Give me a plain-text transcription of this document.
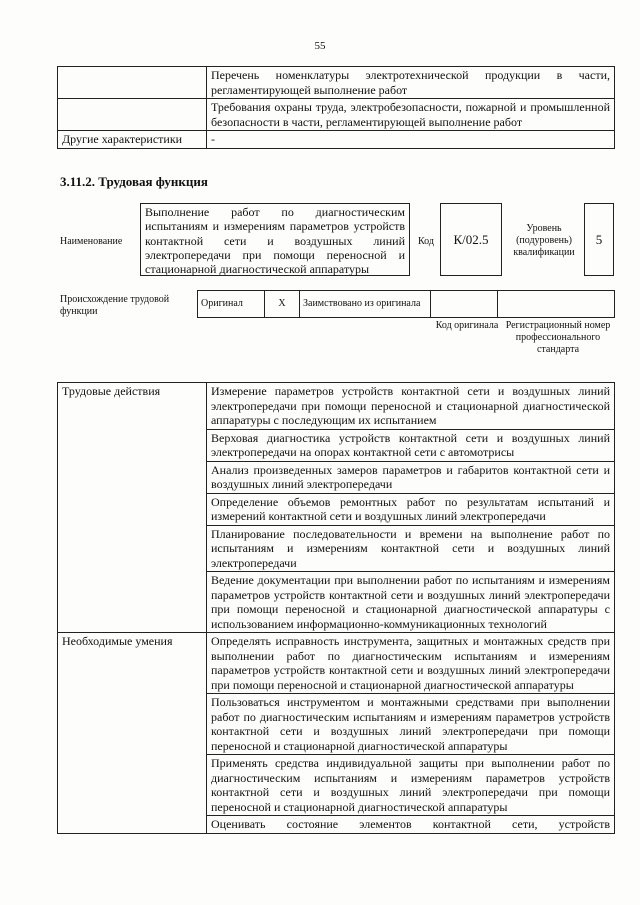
55
	Перечень номенклатуры электротехнической продукции в части, регламентирующей выполнение работ
	Требования охраны труда, электробезопасности, пожарной и промышленной безопасности в части, регламентирующей выполнение работ
Другие характеристики	-
3.11.2. Трудовая функция
Наименование
Выполнение работ по диагностическим испытаниям и измерениям параметров устройств контактной сети и воздушных линий электропередачи при помощи переносной и стационарной диагностической аппаратуры
Код	К/02.5
Уровень (подуровень) квалификации
5
Происхождение трудовой функции
Оригинал	X	Заимствовано из оригинала		
Код оригинала Регистрационный номер профессионального стандарта
Трудовые действия	Измерение параметров устройств контактной сети и воздушных линий электропередачи при помощи переносной и стационарной диагностической аппаратуры с последующим их испытанием
	Верховая диагностика устройств контактной сети и воздушных линий электропередачи на опорах контактной сети с автомотрисы
	Анализ произведенных замеров параметров и габаритов контактной сети и воздушных линий электропередачи
	Определение объемов ремонтных работ по результатам испытаний и измерений контактной сети и воздушных линий электропередачи
	Планирование последовательности и времени на выполнение работ по испытаниям и измерениям контактной сети и воздушных линий электропередачи
	Ведение документации при выполнении работ по испытаниям и измерениям параметров устройств контактной сети и воздушных линий электропередачи при помощи переносной и стационарной диагностической аппаратуры с использованием информационно-коммуникационных технологий
Необходимые умения	Определять исправность инструмента, защитных и монтажных средств при выполнении работ по диагностическим испытаниям и измерениям параметров устройств контактной сети и воздушных линий электропередачи при помощи переносной и стационарной диагностической аппаратуры
	Пользоваться инструментом и монтажными средствами при выполнении работ по диагностическим испытаниям и измерениям параметров устройств контактной сети и воздушных линий электропередачи при помощи переносной и стационарной диагностической аппаратуры
	Применять средства индивидуальной защиты при выполнении работ по диагностическим испытаниям и измерениям параметров устройств контактной сети и воздушных линий электропередачи при помощи переносной и стационарной диагностической аппаратуры
	Оценивать состояние элементов контактной сети, устройств
